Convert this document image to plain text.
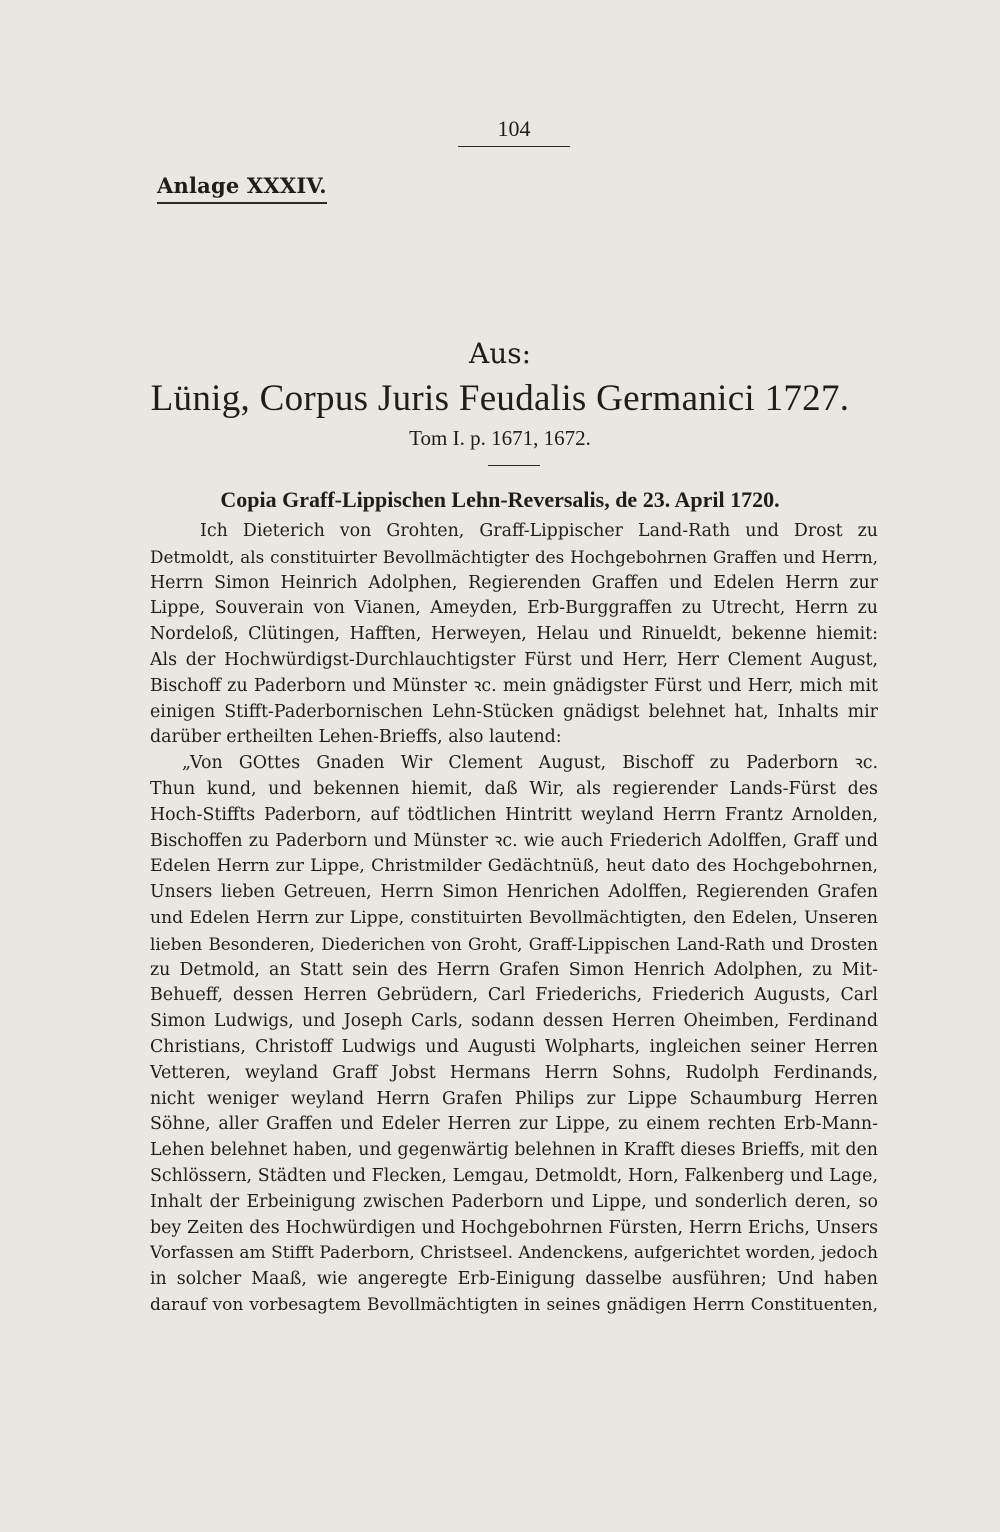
104
Anlage XXXIV.
Aus:
Lünig, Corpus Juris Feudalis Germanici 1727.
Tom I. p. 1671, 1672.
Copia Graff-Lippischen Lehn-Reversalis, de 23. April 1720.
Ich Dieterich von Grohten, Graff-Lippischer Land-Rath und Drost zu
Detmoldt, als constituirter Bevollmächtigter des Hochgebohrnen Graffen und Herrn,
Herrn Simon Heinrich Adolphen, Regierenden Graffen und Edelen Herrn zur
Lippe, Souverain von Vianen, Ameyden, Erb-Burggraffen zu Utrecht, Herrn zu
Nordeloß, Clütingen, Hafften, Herweyen, Helau und Rinueldt, bekenne hiemit:
Als der Hochwürdigst-Durchlauchtigster Fürst und Herr, Herr Clement August,
Bischoff zu Paderborn und Münster ꝛc. mein gnädigster Fürst und Herr, mich mit
einigen Stifft-Paderbornischen Lehn-Stücken gnädigst belehnet hat, Inhalts mir
darüber ertheilten Lehen-Brieffs, also lautend:
„Von GOttes Gnaden Wir Clement August, Bischoff zu Paderborn ꝛc.
Thun kund, und bekennen hiemit, daß Wir, als regierender Lands-Fürst des
Hoch-Stiffts Paderborn, auf tödtlichen Hintritt weyland Herrn Frantz Arnolden,
Bischoffen zu Paderborn und Münster ꝛc. wie auch Friederich Adolffen, Graff und
Edelen Herrn zur Lippe, Christmilder Gedächtnüß, heut dato des Hochgebohrnen,
Unsers lieben Getreuen, Herrn Simon Henrichen Adolffen, Regierenden Grafen
und Edelen Herrn zur Lippe, constituirten Bevollmächtigten, den Edelen, Unseren
lieben Besonderen, Diederichen von Groht, Graff-Lippischen Land-Rath und Drosten
zu Detmold, an Statt sein des Herrn Grafen Simon Henrich Adolphen, zu Mit-
Behueff, dessen Herren Gebrüdern, Carl Friederichs, Friederich Augusts, Carl
Simon Ludwigs, und Joseph Carls, sodann dessen Herren Oheimben, Ferdinand
Christians, Christoff Ludwigs und Augusti Wolpharts, ingleichen seiner Herren
Vetteren, weyland Graff Jobst Hermans Herrn Sohns, Rudolph Ferdinands,
nicht weniger weyland Herrn Grafen Philips zur Lippe Schaumburg Herren
Söhne, aller Graffen und Edeler Herren zur Lippe, zu einem rechten Erb-Mann-
Lehen belehnet haben, und gegenwärtig belehnen in Krafft dieses Brieffs, mit den
Schlössern, Städten und Flecken, Lemgau, Detmoldt, Horn, Falkenberg und Lage,
Inhalt der Erbeinigung zwischen Paderborn und Lippe, und sonderlich deren, so
bey Zeiten des Hochwürdigen und Hochgebohrnen Fürsten, Herrn Erichs, Unsers
Vorfassen am Stifft Paderborn, Christseel. Andenckens, aufgerichtet worden, jedoch
in solcher Maaß, wie angeregte Erb-Einigung dasselbe ausführen; Und haben
darauf von vorbesagtem Bevollmächtigten in seines gnädigen Herrn Constituenten,
